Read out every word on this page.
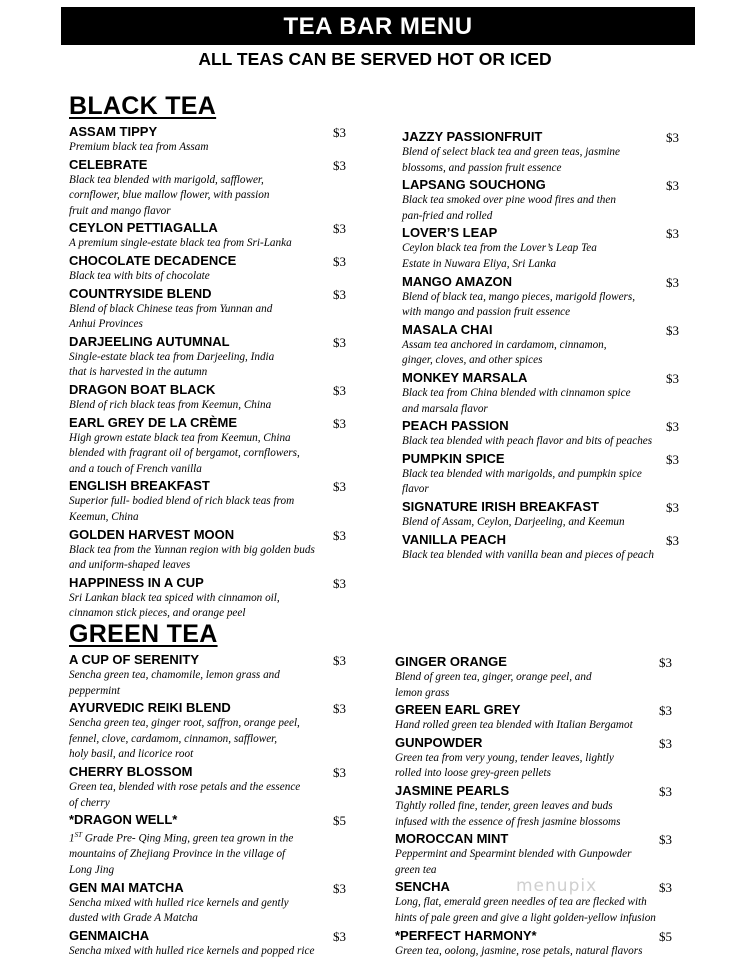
TEA BAR MENU
ALL TEAS CAN BE SERVED HOT OR ICED
BLACK TEA
ASSAM TIPPY	$3
Premium black tea from Assam
CELEBRATE	$3
Black tea blended with marigold, safflower,
cornflower, blue mallow flower, with passion
fruit and mango flavor
CEYLON PETTIAGALLA	$3
A premium single-estate black tea from Sri-Lanka
CHOCOLATE DECADENCE	$3
Black tea with bits of chocolate
COUNTRYSIDE BLEND	$3
Blend of black Chinese teas from Yunnan and
Anhui Provinces
DARJEELING AUTUMNAL	$3
Single-estate black tea from Darjeeling, India
that is harvested in the autumn
DRAGON BOAT BLACK	$3
Blend of rich black teas from Keemun, China
EARL GREY DE LA CRÈME	$3
High grown estate black tea from Keemun, China
blended with fragrant oil of bergamot, cornflowers,
and a touch of French vanilla
ENGLISH BREAKFAST	$3
Superior full- bodied blend of rich black teas from
Keemun, China
GOLDEN HARVEST MOON	$3
Black tea from the Yunnan region with big golden buds
and uniform-shaped leaves
HAPPINESS IN A CUP	$3
Sri Lankan black tea spiced with cinnamon oil,
cinnamon stick pieces, and orange peel
JAZZY PASSIONFRUIT	$3
Blend of select black tea and green teas, jasmine
blossoms, and passion fruit essence
LAPSANG SOUCHONG	$3
Black tea smoked over pine wood fires and then
pan-fried and rolled
LOVER’S LEAP	$3
Ceylon black tea from the Lover’s Leap Tea
Estate in Nuwara Eliya, Sri Lanka
MANGO AMAZON	$3
Blend of black tea, mango pieces, marigold flowers,
with mango and passion fruit essence
MASALA CHAI	$3
Assam tea anchored in cardamom, cinnamon,
ginger, cloves, and other spices
MONKEY MARSALA	$3
Black tea from China blended with cinnamon spice
and marsala flavor
PEACH PASSION	$3
Black tea blended with peach flavor and bits of peaches
PUMPKIN SPICE	$3
Black tea blended with marigolds, and pumpkin spice
flavor
SIGNATURE IRISH BREAKFAST	$3
Blend of Assam, Ceylon, Darjeeling, and Keemun
VANILLA PEACH	$3
Black tea blended with vanilla bean and pieces of peach
GREEN TEA
A CUP OF SERENITY	$3
Sencha green tea, chamomile, lemon grass and
peppermint
AYURVEDIC REIKI BLEND	$3
Sencha green tea, ginger root, saffron, orange peel,
fennel, clove, cardamom, cinnamon, safflower,
holy basil, and licorice root
CHERRY BLOSSOM	$3
Green tea, blended with rose petals and the essence
of cherry
*DRAGON WELL*	$5
1ST Grade Pre- Qing Ming, green tea grown in the
mountains of Zhejiang Province in the village of
Long Jing
GEN MAI MATCHA	$3
Sencha mixed with hulled rice kernels and gently
dusted with Grade A Matcha
GENMAICHA	$3
Sencha mixed with hulled rice kernels and popped rice
GINGER ORANGE	$3
Blend of green tea, ginger, orange peel, and
lemon grass
GREEN EARL GREY	$3
Hand rolled green tea blended with Italian Bergamot
GUNPOWDER	$3
Green tea from very young, tender leaves, lightly
rolled into loose grey-green pellets
JASMINE PEARLS	$3
Tightly rolled fine, tender, green leaves and buds
infused with the essence of fresh jasmine blossoms
MOROCCAN MINT	$3
Peppermint and Spearmint blended with Gunpowder
green tea
SENCHA	$3
Long, flat, emerald green needles of tea are flecked with
hints of pale green and give a light golden-yellow infusion
*PERFECT HARMONY*	$5
Green tea, oolong, jasmine, rose petals, natural flavors
menupix
